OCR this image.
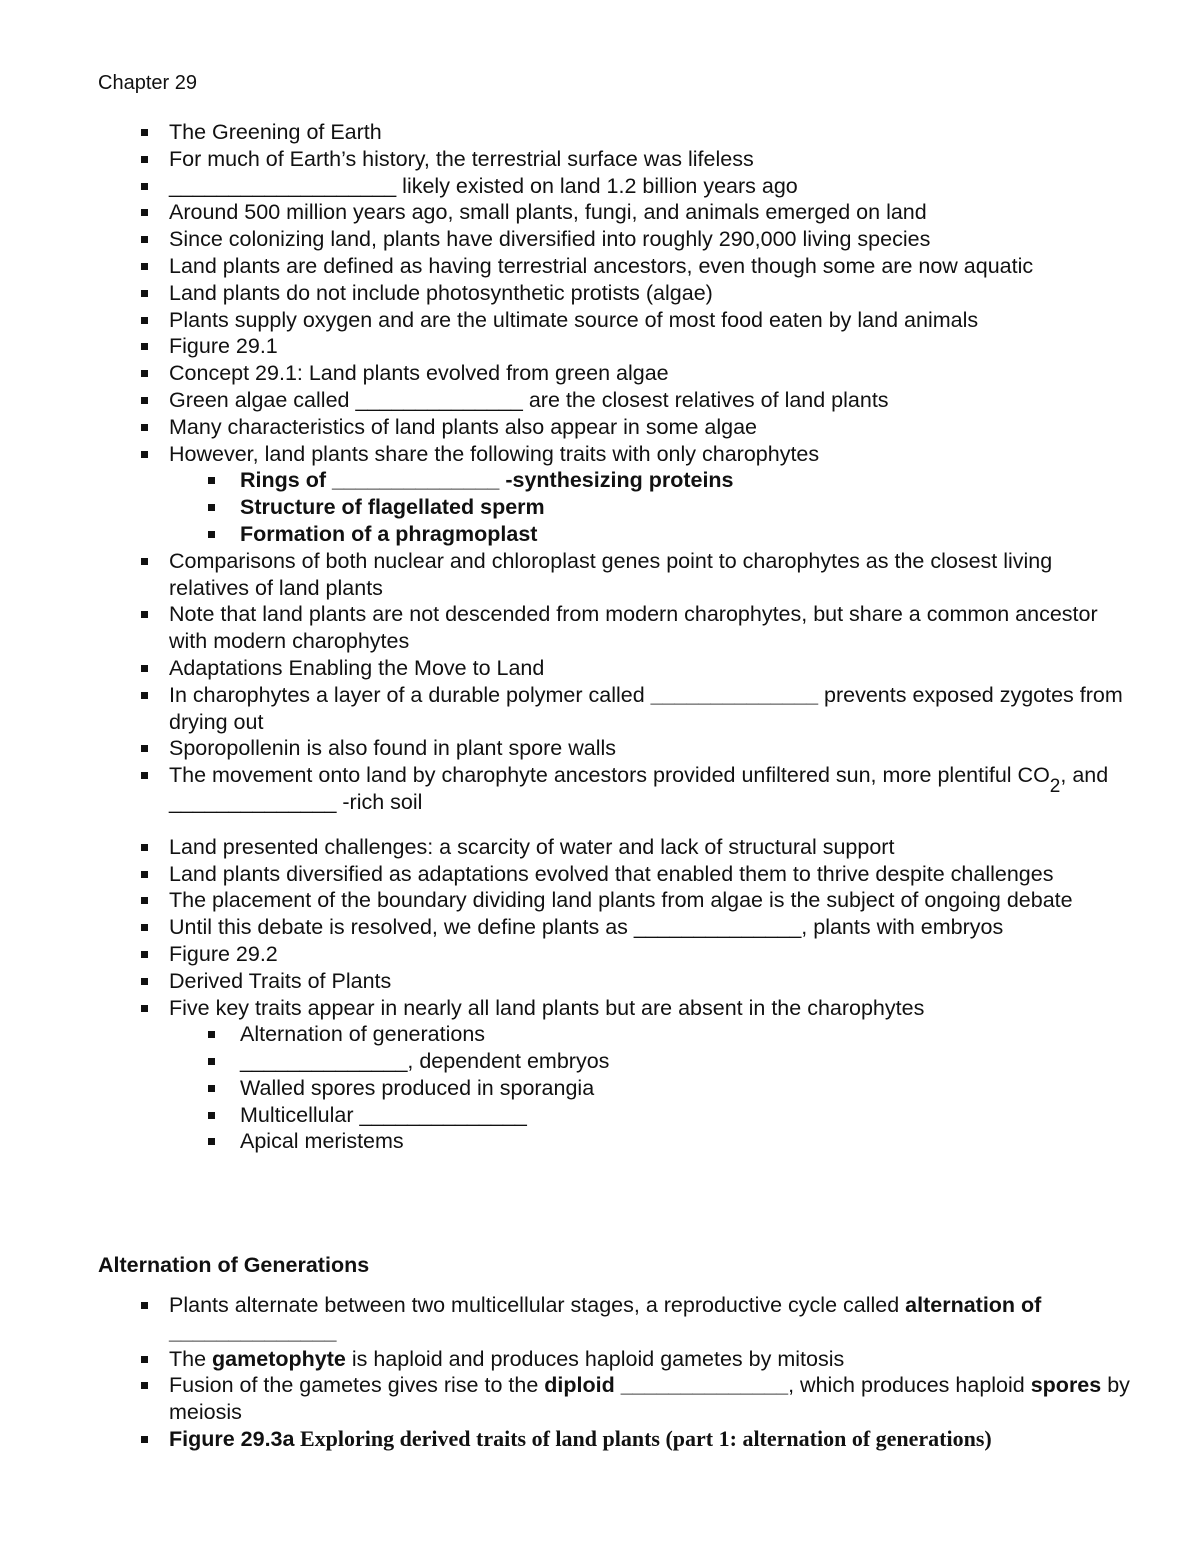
Chapter 29
The Greening of Earth
For much of Earth’s history, the terrestrial surface was lifeless
___________________ likely existed on land 1.2 billion years ago
Around 500 million years ago, small plants, fungi, and animals emerged on land
Since colonizing land, plants have diversified into roughly 290,000 living species
Land plants are defined as having terrestrial ancestors, even though some are now aquatic
Land plants do not include photosynthetic protists (algae)
Plants supply oxygen and are the ultimate source of most food eaten by land animals
Figure 29.1
Concept 29.1: Land plants evolved from green algae
Green algae called ______________ are the closest relatives of land plants
Many characteristics of land plants also appear in some algae
However, land plants share the following traits with only charophytes
Rings of ______________ -synthesizing proteins
Structure of flagellated sperm
Formation of a phragmoplast
Comparisons of both nuclear and chloroplast genes point to charophytes as the closest living relatives of land plants
Note that land plants are not descended from modern charophytes, but share a common ancestor with modern charophytes
Adaptations Enabling the Move to Land
In charophytes a layer of a durable polymer called ______________ prevents exposed zygotes from drying out
Sporopollenin is also found in plant spore walls
The movement onto land by charophyte ancestors provided unfiltered sun, more plentiful $CO_2$, and ______________ -rich soil
Land presented challenges: a scarcity of water and lack of structural support
Land plants diversified as adaptations evolved that enabled them to thrive despite challenges
The placement of the boundary dividing land plants from algae is the subject of ongoing debate
Until this debate is resolved, we define plants as ______________, plants with embryos
Figure 29.2
Derived Traits of Plants
Five key traits appear in nearly all land plants but are absent in the charophytes
Alternation of generations
______________, dependent embryos
Walled spores produced in sporangia
Multicellular ______________
Apical meristems
Alternation of Generations
Plants alternate between two multicellular stages, a reproductive cycle called alternation of ______________
The gametophyte is haploid and produces haploid gametes by mitosis
Fusion of the gametes gives rise to the diploid ______________, which produces haploid spores by meiosis
Figure 29.3a Exploring derived traits of land plants (part 1: alternation of generations)
